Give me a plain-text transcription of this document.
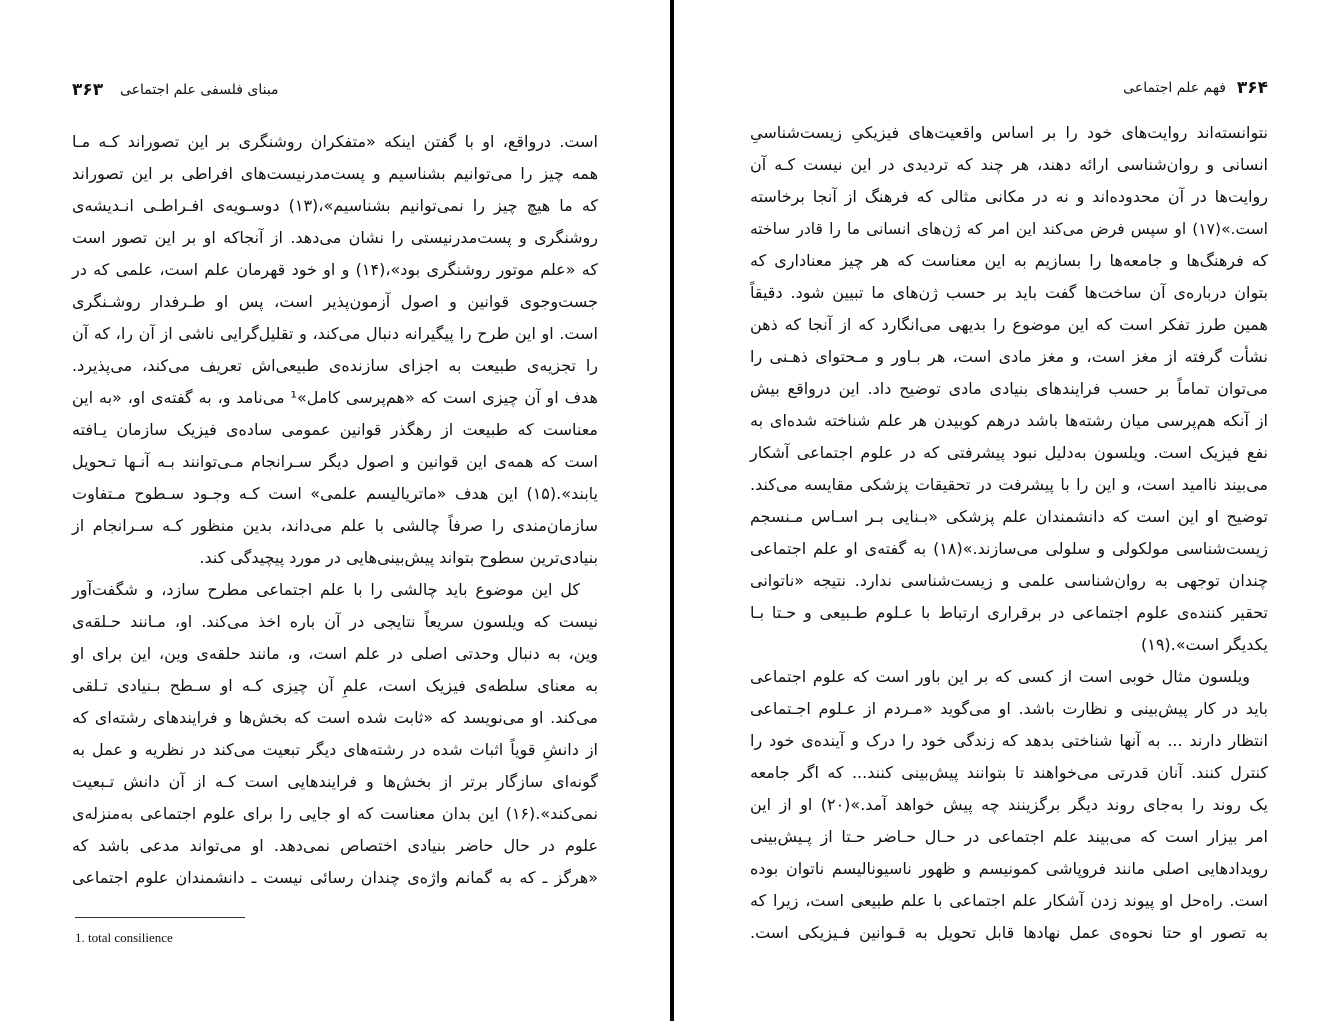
مبنای فلسفی علم اجتماعی
۳۶۳
است. درواقع، او با گفتن اینکه «متفکران روشنگری بر این تصوراند کـه مـا
همه چیز را می‌توانیم بشناسیم و پست‌مدرنیست‌های افراطی بر این تصوراند
که ما هیچ چیز را نمی‌توانیم بشناسیم»،(۱۳) دوسـویه‌ی افـراطـی انـدیشه‌ی
روشنگری و پست‌مدرنیستی را نشان می‌دهد. از آنجاکه او بر این تصور است
که «علم موتور روشنگری بود»،(۱۴) و او خود قهرمان علم است، علمی که در
جست‌وجوی قوانین و اصول آزمون‌پذیر است، پس او طـرفدار روشـنگری
است. او این طرح را پیگیرانه دنبال می‌کند، و تقلیل‌گرایی ناشی از آن را، که آن
را تجزیه‌ی طبیعت به اجزای سازنده‌ی طبیعی‌اش تعریف می‌کند، می‌پذیرد.
هدف او آن چیزی است که «هم‌پرسی کامل»¹ می‌نامد و، به گفته‌ی او، «به این
معناست که طبیعت از رهگذر قوانین عمومی ساده‌ی فیزیک سازمان یـافته
است که همه‌ی این قوانین و اصول دیگر سـرانجام مـی‌توانند بـه آنـها تـحویل
یابند».(۱۵) این هدف «ماتریالیسم علمی» است کـه وجـود سـطوح مـتفاوت
سازمان‌مندی را صرفاً چالشی با علم می‌داند، بدین منظور کـه سـرانجام از
بنیادی‌ترین سطوح بتواند پیش‌بینی‌هایی در مورد پیچیدگی کند.
کل این موضوع باید چالشی را با علم اجتماعی مطرح سازد، و شگفت‌آور
نیست که ویلسون سریعاً نتایجی در آن باره اخذ می‌کند. او، مـانند حـلقه‌ی
وین، به دنبال وحدتی اصلی در علم است، و، مانند حلقه‌ی وین، این برای او
به معنای سلطه‌ی فیزیک است، علمِ آن چیزی کـه او سـطح بـنیادی تـلقی
می‌کند. او می‌نویسد که «ثابت شده است که بخش‌ها و فرایندهای رشته‌ای که
از دانشِ قویاً اثبات شده در رشته‌های دیگر تبعیت می‌کند در نظریه و عمل به
گونه‌ای سازگار برتر از بخش‌ها و فرایندهایی است کـه از آن دانش تـبعیت
نمی‌کند».(۱۶) این بدان معناست که او جایی را برای علوم اجتماعی به‌منزله‌ی
علوم در حال حاضر بنیادی اختصاص نمی‌دهد. او می‌تواند مدعی باشد که
«هرگز ـ که به گمانم واژه‌ی چندان رسائی نیست ـ دانشمندان علوم اجتماعی
1. total consilience
فهم علم اجتماعی ۳۶۴
نتوانسته‌اند روایت‌های خود را بر اساس واقعیت‌های فیزیکیِ زیست‌شناسیِ
انسانی و روان‌شناسی ارائه دهند، هر چند که تردیدی در این نیست کـه آن
روایت‌ها در آن محدوده‌اند و نه در مکانی مثالی که فرهنگ از آنجا برخاسته
است.»(۱۷) او سپس فرض می‌کند این امر که ژن‌های انسانی ما را قادر ساخته
که فرهنگ‌ها و جامعه‌ها را بسازیم به این معناست که هر چیز معناداری که
بتوان درباره‌ی آن ساخت‌ها گفت باید بر حسب ژن‌های ما تبیین شود. دقیقاً
همین طرز تفکر است که این موضوع را بدیهی می‌انگارد که از آنجا که ذهن
نشأت گرفته از مغز است، و مغز مادی است، هر بـاور و مـحتوای ذهـنی را
می‌توان تماماً بر حسب فرایندهای بنیادی مادی توضیح داد. این درواقع بیش
از آنکه هم‌پرسی میان رشته‌ها باشد درهم کوبیدن هر علم شناخته شده‌ای به
نفع فیزیک است. ویلسون به‌دلیل نبود پیشرفتی که در علوم اجتماعی آشکار
می‌بیند ناامید است، و این را با پیشرفت در تحقیقات پزشکی مقایسه می‌کند.
توضیح او این است که دانشمندان علم پزشکی «بـنایی بـر اسـاس مـنسجم
زیست‌شناسی مولکولی و سلولی می‌سازند.»(۱۸) به گفته‌ی او علم اجتماعی
چندان توجهی به روان‌شناسی علمی و زیست‌شناسی ندارد. نتیجه «ناتوانی
تحقیر کننده‌ی علوم اجتماعی در برقراری ارتباط با عـلوم طـبیعی و حـتا بـا
یکدیگر است».(۱۹)
ویلسون مثال خوبی است از کسی که بر این باور است که علوم اجتماعی
باید در کار پیش‌بینی و نظارت باشد. او می‌گوید «مـردم از عـلوم اجـتماعی
انتظار دارند ... به آنها شناختی بدهد که زندگی خود را درک و آینده‌ی خود را
کنترل کنند. آنان قدرتی می‌خواهند تا بتوانند پیش‌بینی کنند... که اگر جامعه
یک روند را به‌جای روند دیگر برگزینند چه پیش خواهد آمد.»(۲۰) او از این
امر بیزار است که می‌بیند علم اجتماعی در حـال حـاضر حـتا از پـیش‌بینی
رویدادهایی اصلی مانند فروپاشی کمونیسم و ظهور ناسیونالیسم ناتوان بوده
است. راه‌حل او پیوند زدن آشکار علم اجتماعی با علم طبیعی است، زیرا که
به تصور او حتا نحوه‌ی عمل نهادها قابل تحویل به قـوانین فـیزیکی است.
